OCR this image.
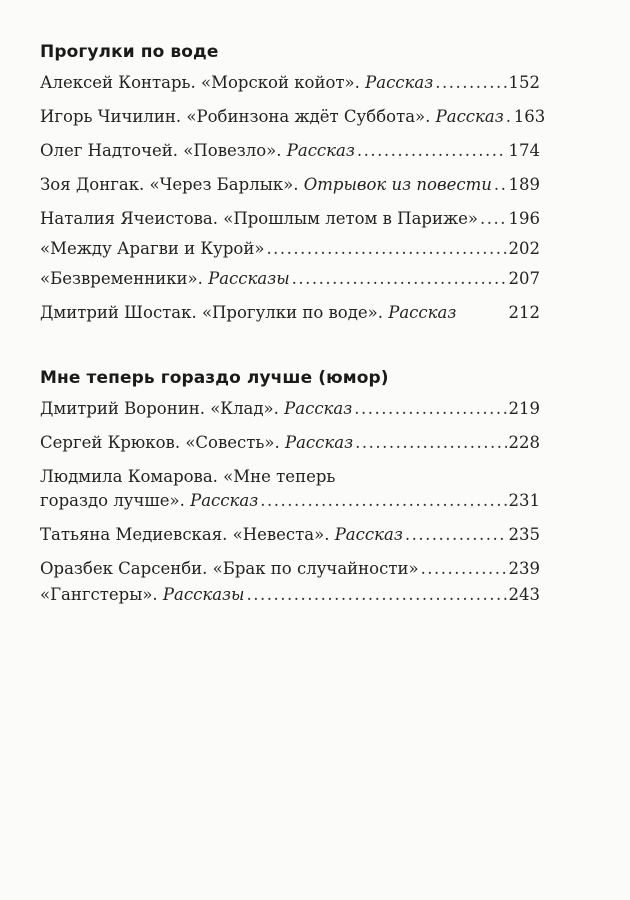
Прогулки по воде
Алексей Контарь. «Морской койот». Рассказ .....	152
Игорь Чичилин. «Робинзона ждёт Суббота». Рассказ ..... 163
Олег Надточей. «Повезло». Рассказ .....	174
Зоя Донгак. «Через Барлык». Отрывок из повести ..... 189
Наталия Ячеистова. «Прошлым летом в Париже» ..... 196
«Между Арагви и Курой» .....	202
«Безвременники». Рассказы .....	207
Дмитрий Шостак. «Прогулки по воде». Рассказ	212
Мне теперь гораздо лучше (юмор)
Дмитрий Воронин. «Клад». Рассказ .....	219
Сергей Крюков. «Совесть». Рассказ .....	228
Людмила Комарова. «Мне теперь
гораздо лучше». Рассказ .....	231
Татьяна Медиевская. «Невеста». Рассказ .....	235
Оразбек Сарсенби. «Брак по случайности» .....	239
«Гангстеры». Рассказы .....	243
